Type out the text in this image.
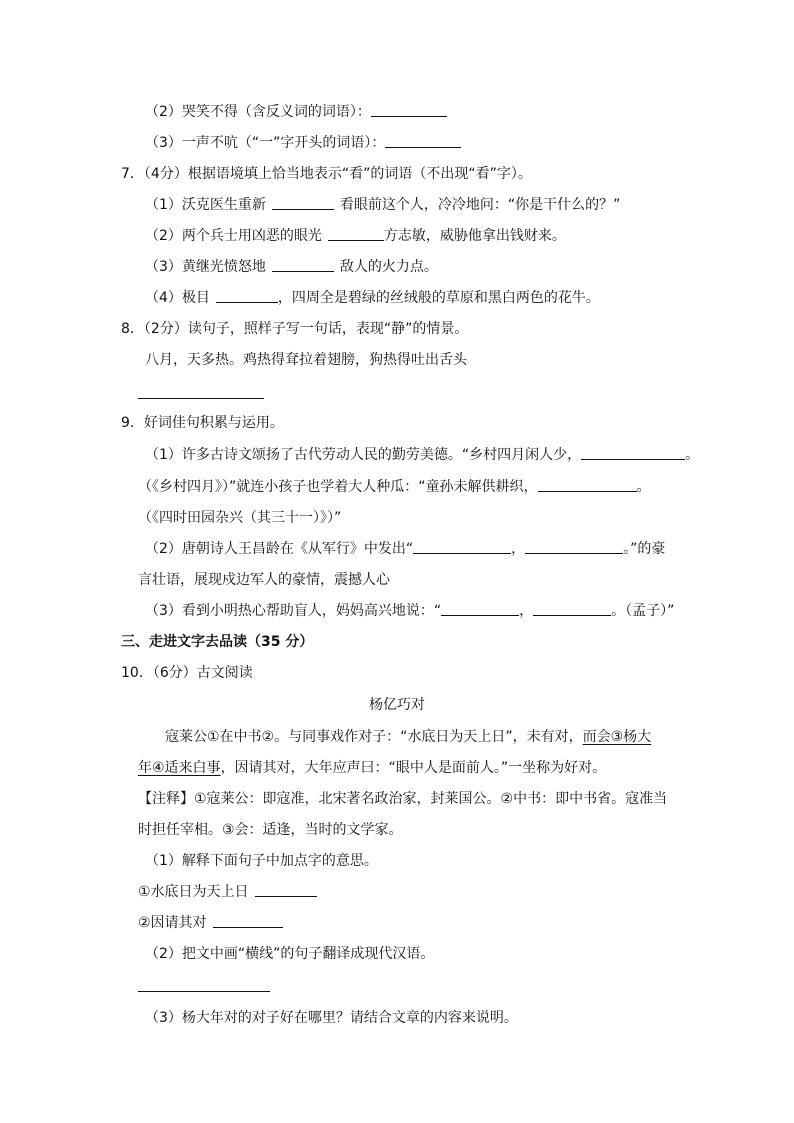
（2）哭笑不得（含反义词的词语）：
（3）一声不吭（“一”字开头的词语）：
7．（4分）根据语境填上恰当地表示“看”的词语（不出现“看”字）。
（1）沃克医生重新	看眼前这个人，冷冷地问：“你是干什么的？”
（2）两个兵士用凶恶的眼光	方志敏，威胁他拿出钱财来。
（3）黄继光愤怒地	敌人的火力点。
（4）极目	，四周全是碧绿的丝绒般的草原和黑白两色的花牛。
8．（2分）读句子，照样子写一句话，表现“静”的情景。
八月，天多热。鸡热得耷拉着翅膀，狗热得吐出舌头
9．好词佳句积累与运用。
（1）许多古诗文颂扬了古代劳动人民的勤劳美德。“乡村四月闲人少，	。
（《乡村四月》）”就连小孩子也学着大人种瓜：“童孙未解供耕织，	。
（《四时田园杂兴（其三十一）》）”
（2）唐朝诗人王昌龄在《从军行》中发出“	，	。”的豪
言壮语，展现戍边军人的豪情，震撼人心
（3）看到小明热心帮助盲人，妈妈高兴地说：“	，	。（孟子）”
三、走进文字去品读（35 分）
10．（6分）古文阅读
杨亿巧对
寇莱公①在中书②。与同事戏作对子：“水底日为天上日”，未有对，而会③杨大
年④适来白事，因请其对，大年应声曰：“眼中人是面前人。”一坐称为好对。
【注释】①寇莱公：即寇准，北宋著名政治家，封莱国公。②中书：即中书省。寇准当
时担任宰相。③会：适逢，当时的文学家。
（1）解释下面句子中加点字的意思。
①水底日为天上日
②因请其对
（2）把文中画“横线”的句子翻译成现代汉语。
（3）杨大年对的对子好在哪里？请结合文章的内容来说明。
